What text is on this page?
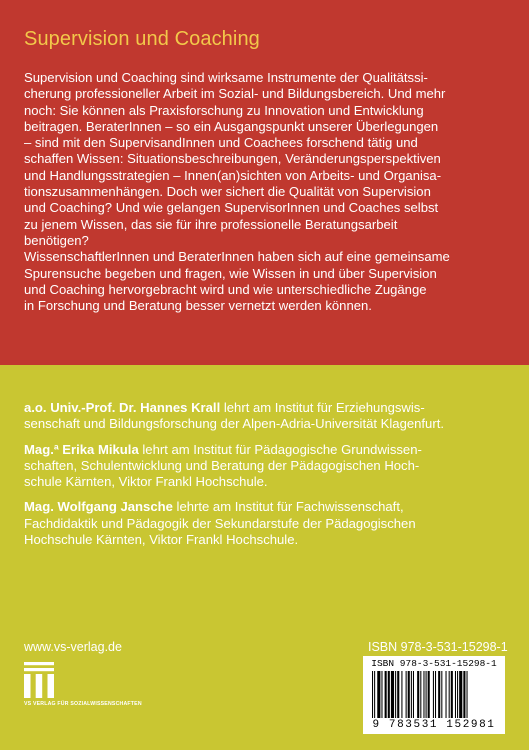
Supervision und Coaching

Supervision und Coaching sind wirksame Instrumente der Qualitätssi-

cherung professioneller Arbeit im Sozial- und Bildungsbereich. Und mehr

noch: Sie können als Praxisforschung zu Innovation und Entwicklung

beitragen. BeraterInnen – so ein Ausgangspunkt unserer Überlegungen

– sind mit den SupervisandInnen und Coachees forschend tätig und

schaffen Wissen: Situationsbeschreibungen, Veränderungsperspektiven

und Handlungsstrategien – Innen(an)sichten von Arbeits- und Organisa-

tionszusammenhängen. Doch wer sichert die Qualität von Supervision

und Coaching? Und wie gelangen SupervisorInnen und Coaches selbst

zu jenem Wissen, das sie für ihre professionelle Beratungsarbeit

benötigen?

WissenschaftlerInnen und BeraterInnen haben sich auf eine gemeinsame

Spurensuche begeben und fragen, wie Wissen in und über Supervision

und Coaching hervorgebracht wird und wie unterschiedliche Zugänge

in Forschung und Beratung besser vernetzt werden können.

a.o. Univ.-Prof. Dr. Hannes Krall lehrt am Institut für Erziehungswis-
senschaft und Bildungsforschung der Alpen-Adria-Universität Klagenfurt.
Mag.ª Erika Mikula lehrt am Institut für Pädagogische Grundwissen-
schaften, Schulentwicklung und Beratung der Pädagogischen Hoch-
schule Kärnten, Viktor Frankl Hochschule.
Mag. Wolfgang Jansche lehrte am Institut für Fachwissenschaft,
Fachdidaktik und Pädagogik der Sekundarstufe der Pädagogischen
Hochschule Kärnten, Viktor Frankl Hochschule.
www.vs-verlag.de	ISBN 978-3-531-15298-1
VS VERLAG FÜR SOZIALWISSENSCHAFTEN
ISBN 978-3-531-15298-1
9 783531 152981
